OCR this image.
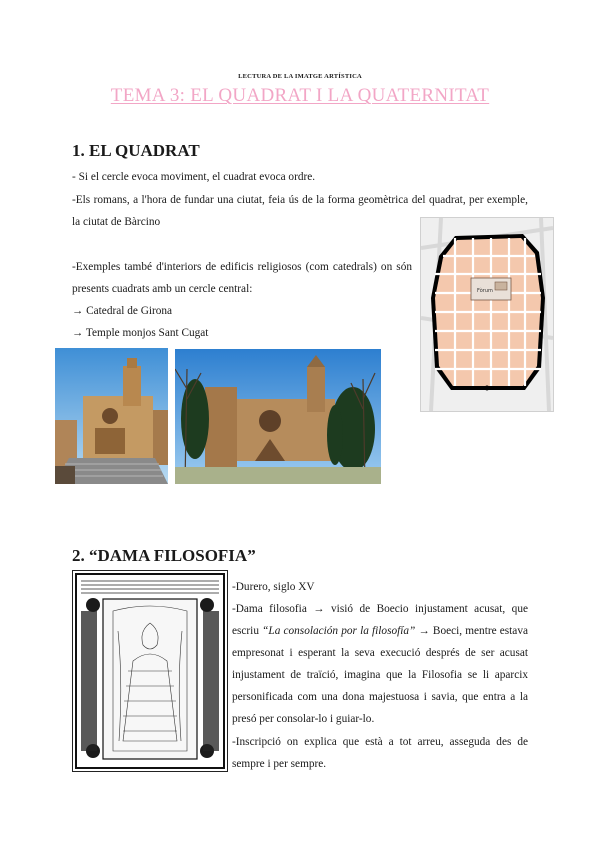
LECTURA DE LA IMATGE ARTÍSTICA
TEMA 3: EL QUADRAT I LA QUATERNITAT
1. EL QUADRAT
- Si el cercle evoca moviment, el cuadrat evoca ordre.
-Els romans, a l'hora de fundar una ciutat, feia ús de la forma geomètrica del quadrat, per exemple, la ciutat de Bàrcino
-Exemples també d'interiors de edificis religiosos (com catedrals) on són presents cuadrats amb un cercle central:
→ Catedral de Girona
→ Temple monjos Sant Cugat
Fòrum
2. “DAMA FILOSOFIA”
-Durero, siglo XV
-Dama filosofia → visió de Boecio injustament acusat, que escriu “La consolación por la filosofía” → Boeci, mentre estava empresonat i esperant la seva execució després de ser acusat injustament de traïció, imagina que la Filosofia se li aparcix personificada com una dona majestuosa i savia, que entra a la presó per consolar-lo i guiar-lo.
-Inscripció on explica que està a tot arreu, asseguda des de sempre i per sempre.
